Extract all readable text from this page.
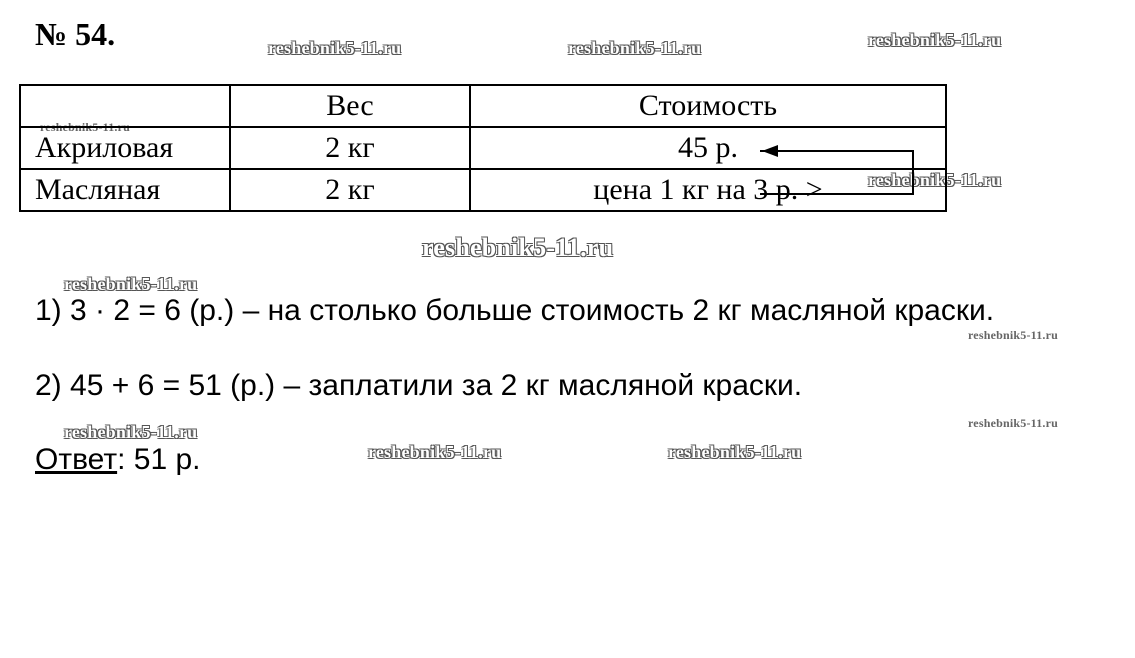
№ 54.	reshebnik5-11.ru	reshebnik5-11.ru	reshebnik5-11.ru
reshebnik5-11.ru
reshebnik5-11.ru
reshebnik5-11.ru
reshebnik5-11.ru
reshebnik5-11.ru
reshebnik5-11.ru
reshebnik5-11.ru
reshebnik5-11.ru	reshebnik5-11.ru
	Вес	Стоимость
Акриловая	2 кг	45 р.
Масляная	2 кг	цена 1 кг на 3 р. >
1) 3 · 2 = 6 (р.) – на столько больше стоимость 2 кг масляной краски.
2) 45 + 6 = 51 (р.) – заплатили за 2 кг масляной краски.
Ответ: 51 р.
